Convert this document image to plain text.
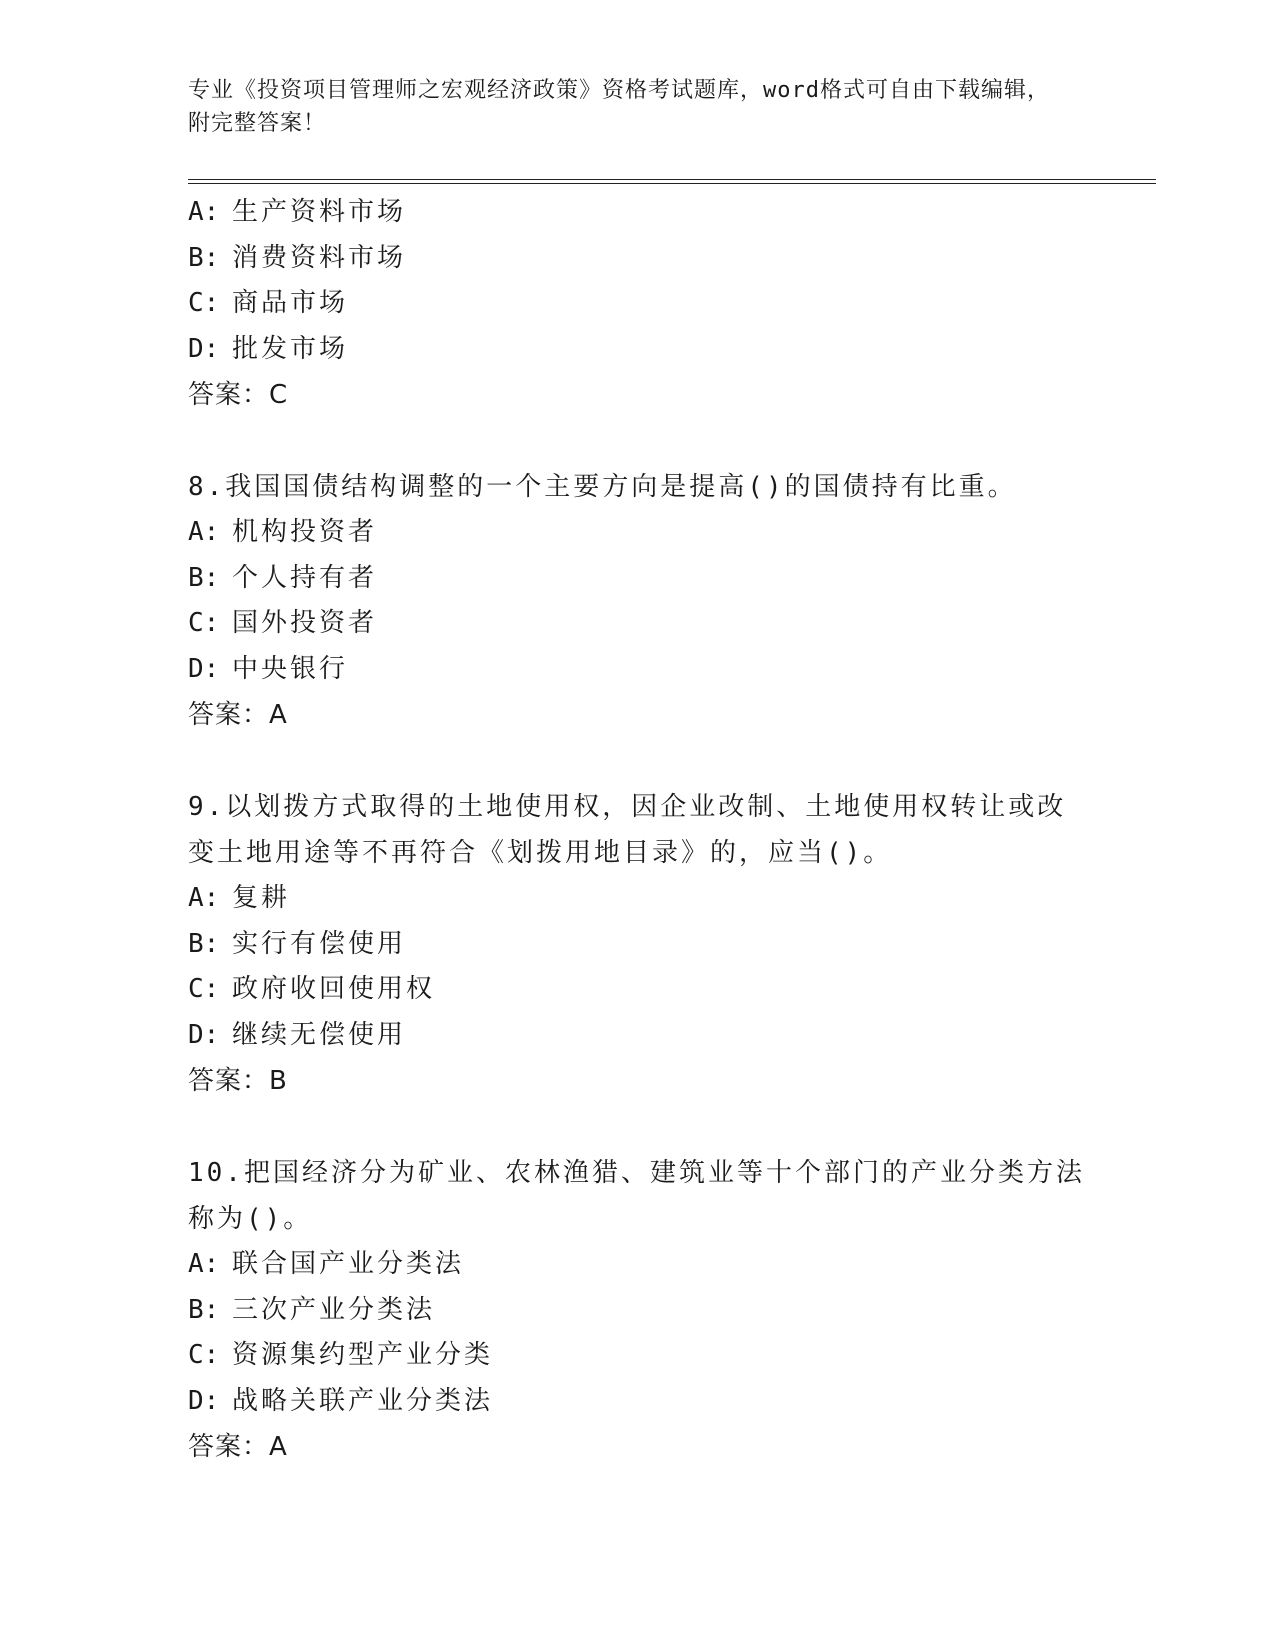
专业《投资项目管理师之宏观经济政策》资格考试题库，word格式可自由下载编辑，附完整答案！
A: 生产资料市场
B: 消费资料市场
C: 商品市场
D: 批发市场
答案：C
8.我国国债结构调整的一个主要方向是提高()的国债持有比重。
A: 机构投资者
B: 个人持有者
C: 国外投资者
D: 中央银行
答案：A
9.以划拨方式取得的土地使用权，因企业改制、土地使用权转让或改变土地用途等不再符合《划拨用地目录》的，应当()。
A: 复耕
B: 实行有偿使用
C: 政府收回使用权
D: 继续无偿使用
答案：B
10.把国经济分为矿业、农林渔猎、建筑业等十个部门的产业分类方法称为()。
A: 联合国产业分类法
B: 三次产业分类法
C: 资源集约型产业分类
D: 战略关联产业分类法
答案：A
